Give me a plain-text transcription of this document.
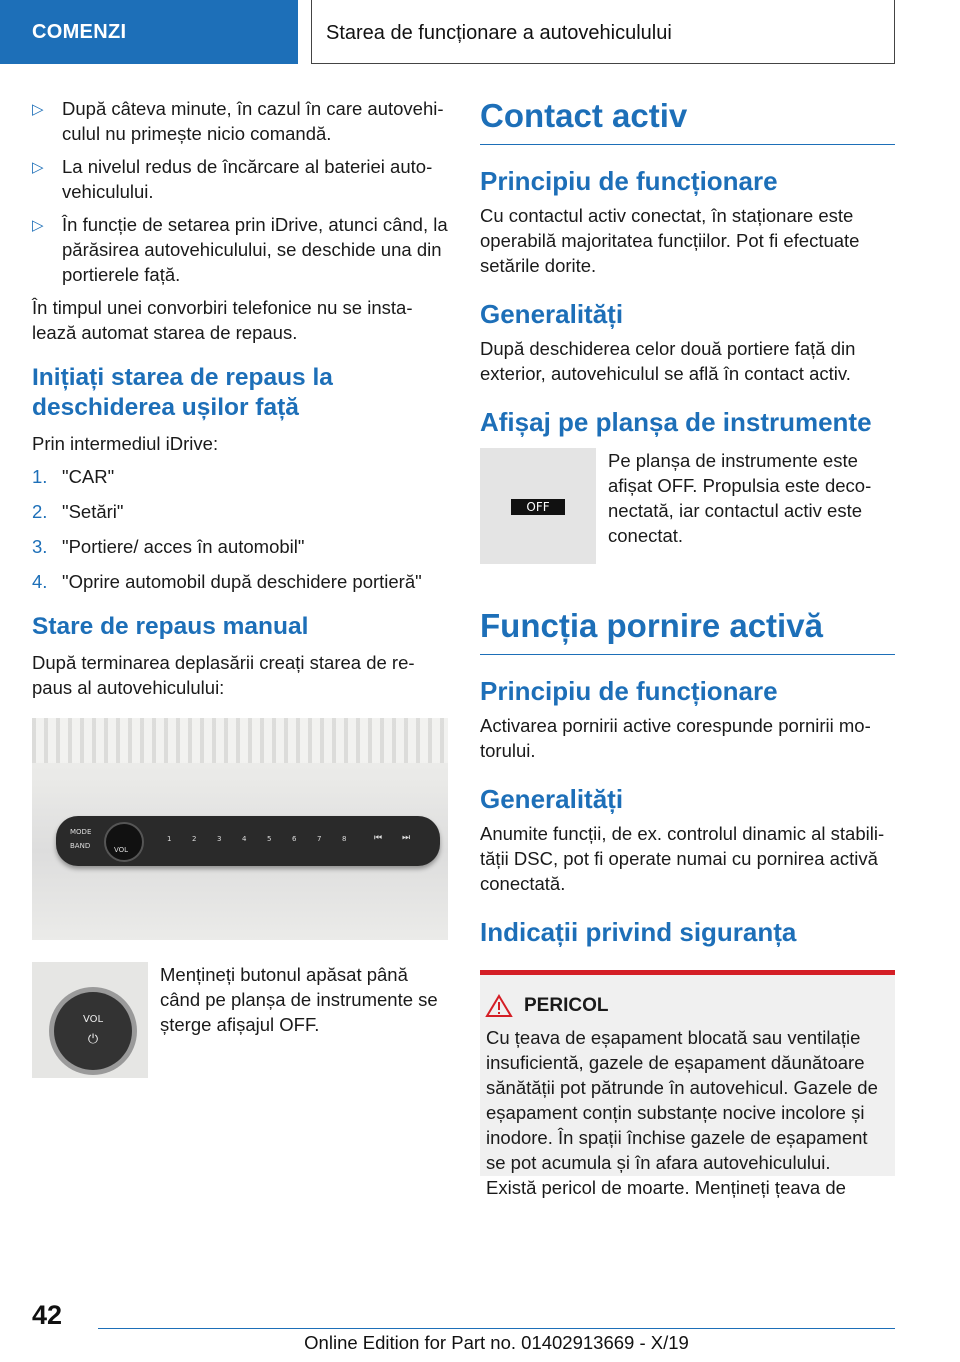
COMENZI	Starea de funcționare a autovehiculului
▷ După câteva minute, în cazul în care autovehiculul nu primește nicio comandă.
▷ La nivelul redus de încărcare al bateriei autovehiculului.
▷ În funcție de setarea prin iDrive, atunci când, la părăsirea autovehiculului, se deschide una din portierele față.

În timpul unei convorbiri telefonice nu se instalează automat starea de repaus.

Inițiați starea de repaus la deschiderea ușilor față

Prin intermediul iDrive:

1. "CAR"
2. "Setări"
3. "Portiere/ acces în automobil"
4. "Oprire automobil după deschidere portieră"
Stare de repaus manual

După terminarea deplasării creați starea de repaus al autovehiculului:

MODE
BAND	VOL
1	2	3	4	5	6	7	8	⏮ ⏭
VOL
⏻

Mențineți butonul apăsat până când pe planșa de instrumente se șterge afișajul OFF.

Contact activ
Principiu de funcționare

Cu contactul activ conectat, în staționare este operabilă majoritatea funcțiilor. Pot fi efectuate setările dorite.

Generalități

După deschiderea celor două portiere față din exterior, autovehiculul se află în contact activ.

Afișaj pe planșa de instrumente
OFF

Pe planșa de instrumente este afișat OFF. Propulsia este deconectată, iar contactul activ este conectat.

Funcția pornire activă
Principiu de funcționare

Activarea pornirii active corespunde pornirii motorului.

Generalități

Anumite funcții, de ex. controlul dinamic al stabilității DSC, pot fi operate numai cu pornirea activă conectată.

Indicații privind siguranța
PERICOL

Cu țeava de eșapament blocată sau ventilație insuficientă, gazele de eșapament dăunătoare sănătății pot pătrunde în autovehicul. Gazele de eșapament conțin substanțe nocive incolore și inodore. În spații închise gazele de eșapament se pot acumula și în afara autovehiculului. Există pericol de moarte. Mențineți țeava de

42
Online Edition for Part no. 01402913669 - X/19
